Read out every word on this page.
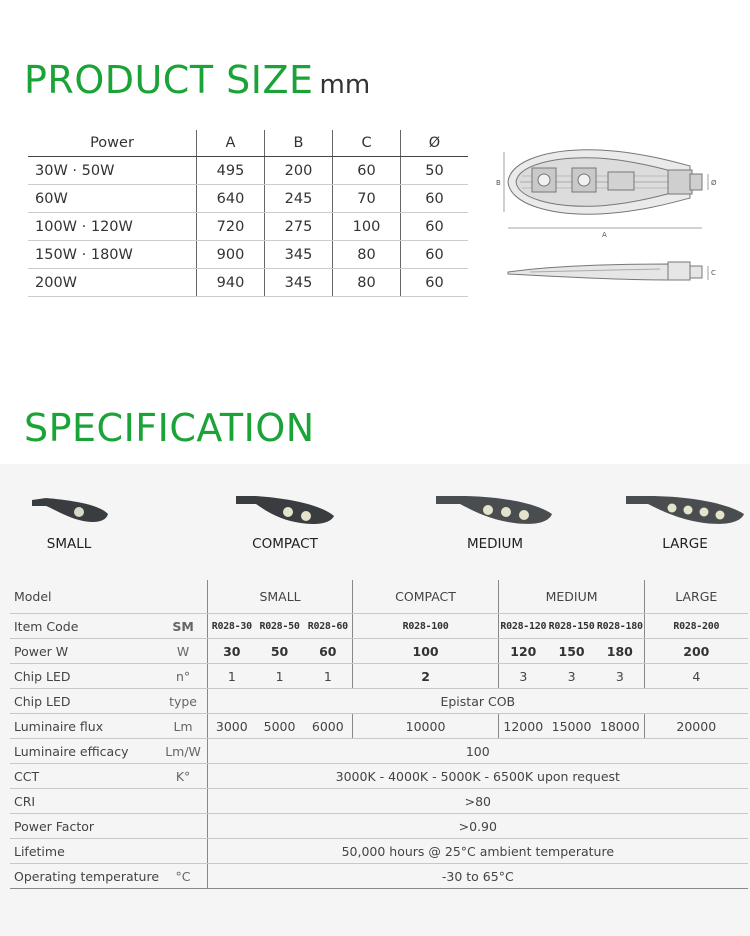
PRODUCT SIZE mm
Power	A	B	C	Ø
30W · 50W	495	200	60	50
60W	640	245	70	60
100W · 120W	720	275	100	60
150W · 180W	900	345	80	60
200W	940	345	80	60
B
A
Ø
C
SPECIFICATION
SMALL	COMPACT	MEDIUM	LARGE
Model		SMALL			COMPACT	MEDIUM			LARGE
Item Code	SM	R028-30	R028-50	R028-60	R028-100	R028-120	R028-150	R028-180	R028-200
Power W	W	30	50	60	100	120	150	180	200
Chip LED	n°	1	1	1	2	3	3	3	4
Chip LED	type	Epistar COB							
Luminaire flux	Lm	3000	5000	6000	10000	12000	15000	18000	20000
Luminaire efficacy	Lm/W	100							
CCT	K°	3000K - 4000K - 5000K - 6500K upon request							
CRI		>80							
Power Factor		>0.90							
Lifetime		50,000 hours @ 25°C ambient temperature							
Operating temperature	°C	-30 to 65°C							
